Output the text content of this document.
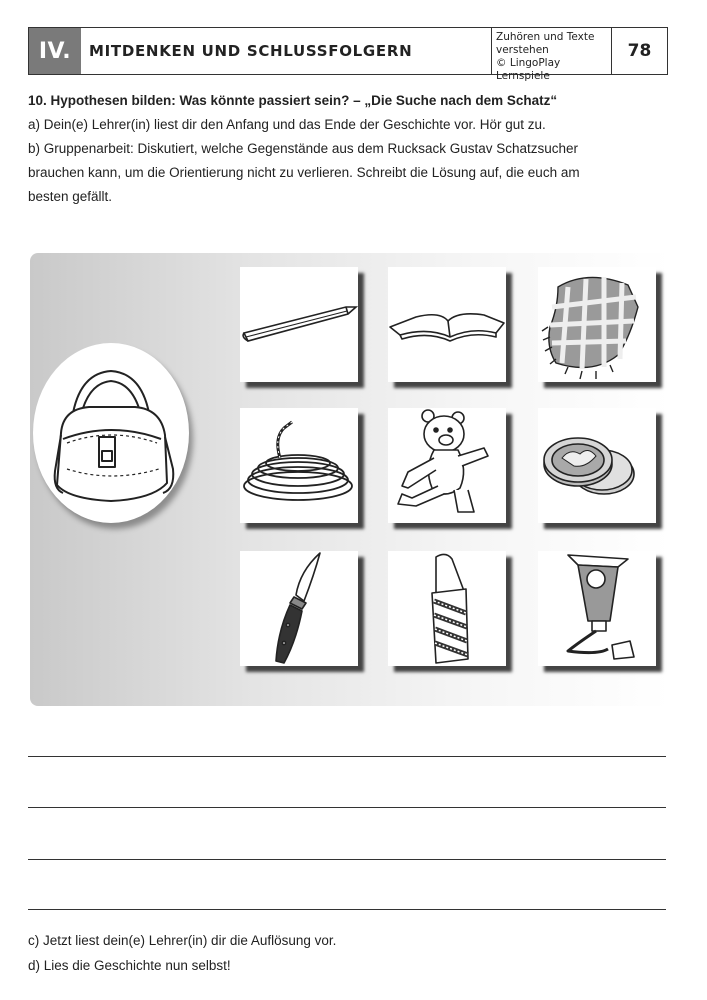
IV.	MITDENKEN UND SCHLUSSFOLGERN
Zuhören und Texte
verstehen
© LingoPlay Lernspiele
78
10. Hypothesen bilden: Was könnte passiert sein? – „Die Suche nach dem Schatz“
a) Dein(e) Lehrer(in) liest dir den Anfang und das Ende der Geschichte vor. Hör gut zu.
b) Gruppenarbeit: Diskutiert, welche Gegenstände aus dem Rucksack Gustav Schatzsucher
brauchen kann, um die Orientierung nicht zu verlieren. Schreibt die Lösung auf, die euch am
besten gefällt.
c) Jetzt liest dein(e) Lehrer(in) dir die Auflösung vor.
d) Lies die Geschichte nun selbst!
